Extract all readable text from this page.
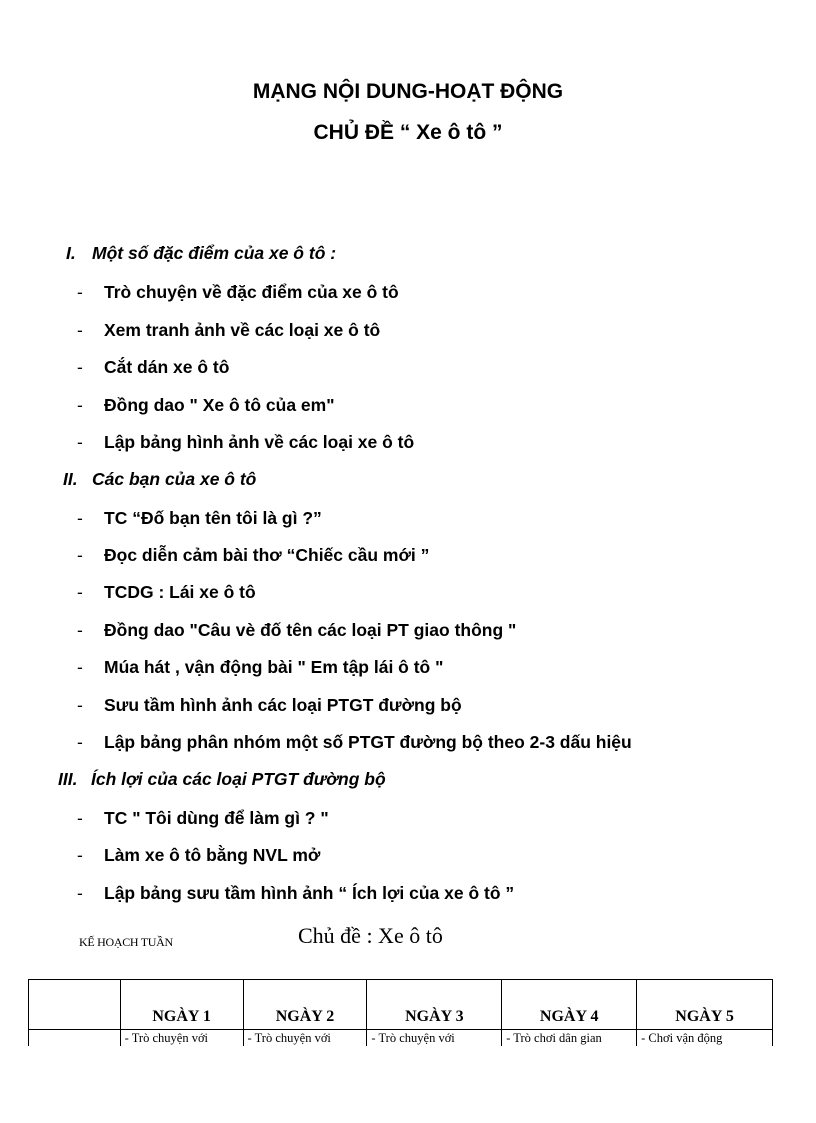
MẠNG NỘI DUNG-HOẠT ĐỘNG
CHỦ ĐỀ “ Xe ô tô ”
I. Một số đặc điểm của xe ô tô :
- Trò chuyện về đặc điểm của xe ô tô
- Xem tranh ảnh về các loại xe ô tô
- Cắt dán xe ô tô
- Đồng dao " Xe ô tô của em"
- Lập bảng hình ảnh về các loại xe ô tô
II. Các bạn của xe ô tô
- TC “Đố bạn tên tôi là gì ?”
- Đọc diễn cảm bài thơ “Chiếc cầu mới ”
- TCDG : Lái xe ô tô
- Đồng dao "Câu vè đố tên các loại PT giao thông "
- Múa hát , vận động bài " Em tập lái ô tô "
- Sưu tầm hình ảnh các loại PTGT đường bộ
- Lập bảng phân nhóm một số PTGT đường bộ theo 2-3 dấu hiệu
III. Ích lợi của các loại PTGT đường bộ
- TC " Tôi dùng để làm gì ? "
- Làm xe ô tô bằng NVL mở
- Lập bảng sưu tầm hình ảnh “ Ích lợi của xe ô tô ”
KẾ HOẠCH TUẦN	Chủ đề : Xe ô tô
	NGÀY 1	NGÀY 2	NGÀY 3	NGÀY 4	NGÀY 5
	- Trò chuyện với	- Trò chuyện với	- Trò chuyện với	- Trò chơi dân gian	- Chơi vận động
